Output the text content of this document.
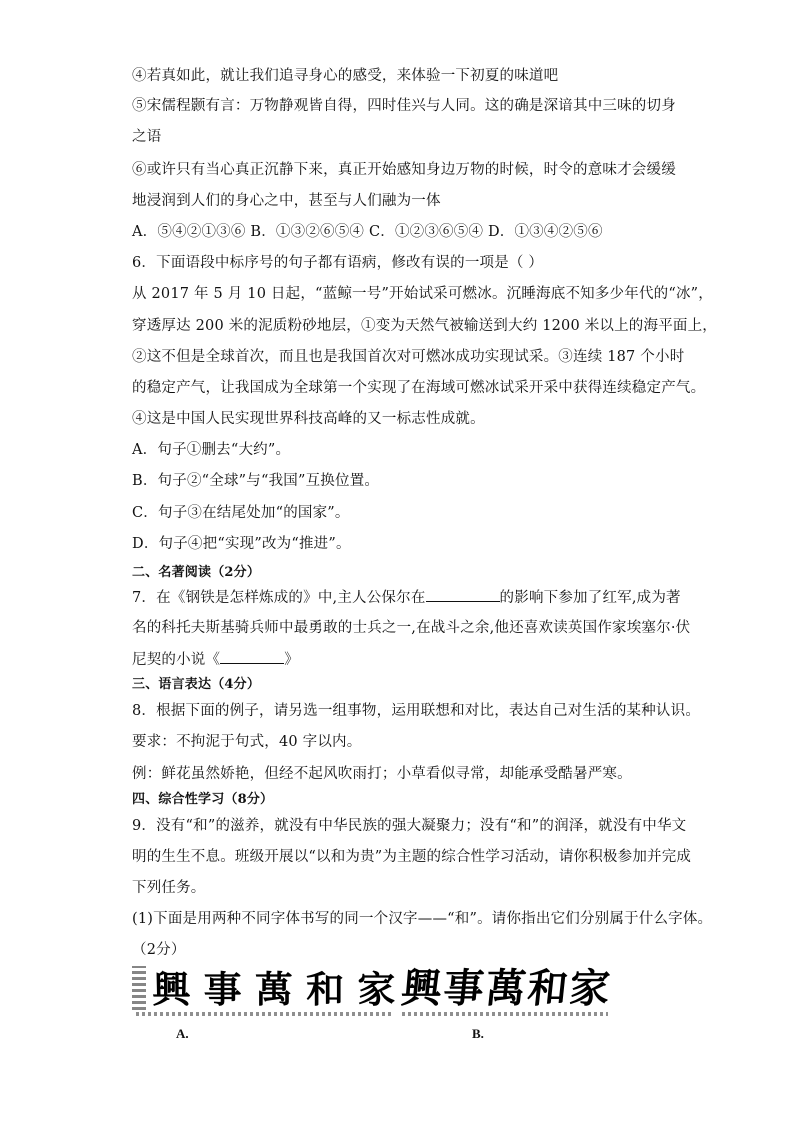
④若真如此，就让我们追寻身心的感受，来体验一下初夏的味道吧
⑤宋儒程颢有言：万物静观皆自得，四时佳兴与人同。这的确是深谙其中三味的切身
之语
⑥或许只有当心真正沉静下来，真正开始感知身边万物的时候，时令的意味才会缓缓
地浸润到人们的身心之中，甚至与人们融为一体
A．⑤④②①③⑥ B．①③②⑥⑤④ C．①②③⑥⑤④ D．①③④②⑤⑥
6．下面语段中标序号的句子都有语病，修改有误的一项是（ ）
从 2017 年 5 月 10 日起，“蓝鲸一号”开始试采可燃冰。沉睡海底不知多少年代的“冰”，
穿透厚达 200 米的泥质粉砂地层，①变为天然气被输送到大约 1200 米以上的海平面上，
②这不但是全球首次，而且也是我国首次对可燃冰成功实现试采。③连续 187 个小时
的稳定产气，让我国成为全球第一个实现了在海域可燃冰试采开采中获得连续稳定产气。
④这是中国人民实现世界科技高峰的又一标志性成就。
A．句子①删去“大约”。
B．句子②“全球”与“我国”互换位置。
C．句子③在结尾处加“的国家”。
D．句子④把“实现”改为“推进”。
二、名著阅读（2分）
7．在《钢铁是怎样炼成的》中,主人公保尔在	的影响下参加了红军,成为著
名的科托夫斯基骑兵师中最勇敢的士兵之一,在战斗之余,他还喜欢读英国作家埃塞尔·伏
尼契的小说《	》
三、语言表达（4分）
8．根据下面的例子，请另选一组事物，运用联想和对比，表达自己对生活的某种认识。
要求：不拘泥于句式，40 字以内。
例：鲜花虽然娇艳，但经不起风吹雨打；小草看似寻常，却能承受酷暑严寒。
四、综合性学习（8分）
9．没有“和”的滋养，就没有中华民族的强大凝聚力；没有“和”的润泽，就没有中华文
明的生生不息。班级开展以“以和为贵”为主题的综合性学习活动，请你积极参加并完成
下列任务。
(1)下面是用两种不同字体书写的同一个汉字——“和”。请你指出它们分别属于什么字体。
（2分）
興 事 萬 和 家 興 事 萬 和 家
A.	B.
